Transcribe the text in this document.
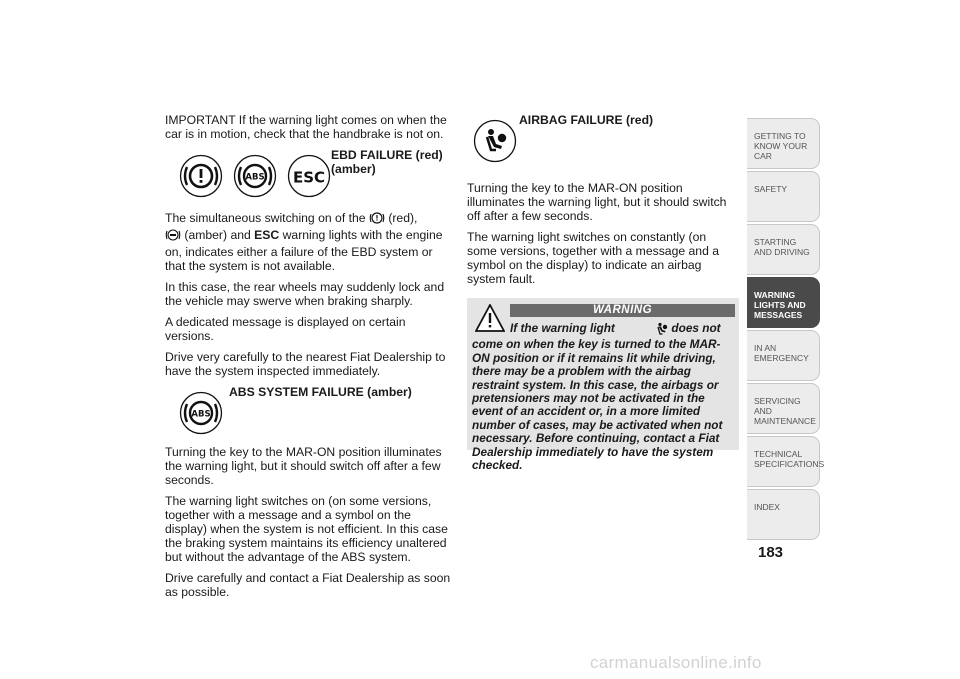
IMPORTANT If the warning light comes on when the car is in motion, check that the handbrake is not on.

ABS ESC
EBD FAILURE (red) (amber)

The simultaneous switching on of the (red),
(amber) and ESC warning lights with the engine on, indicates either a failure of the EBD system or that the system is not available.

In this case, the rear wheels may suddenly lock and the vehicle may swerve when braking sharply.

A dedicated message is displayed on certain versions.

Drive very carefully to the nearest Fiat Dealership to have the system inspected immediately.

ABS
ABS SYSTEM FAILURE (amber)

Turning the key to the MAR-ON position illuminates the warning light, but it should switch off after a few seconds.

The warning light switches on (on some versions, together with a message and a symbol on the display) when the system is not efficient. In this case the braking system maintains its efficiency unaltered but without the advantage of the ABS system.

Drive carefully and contact a Fiat Dealership as soon as possible.

AIRBAG FAILURE (red)

Turning the key to the MAR-ON position illuminates the warning light, but it should switch off after a few seconds.

The warning light switches on constantly (on some versions, together with a message and a symbol on the display) to indicate an airbag system fault.

WARNING
If the warning light	does not come on when the key is turned to the MAR-ON position or if it remains lit while driving, there may be a problem with the airbag restraint system. In this case, the airbags or pretensioners may not be activated in the event of an accident or, in a more limited number of cases, may be activated when not necessary. Before continuing, contact a Fiat Dealership immediately to have the system checked.
GETTING TO KNOW YOUR CAR
SAFETY
STARTING AND DRIVING
WARNING LIGHTS AND MESSAGES
IN AN EMERGENCY
SERVICING AND MAINTENANCE
TECHNICAL SPECIFICATIONS
INDEX
183
carmanualsonline.info
